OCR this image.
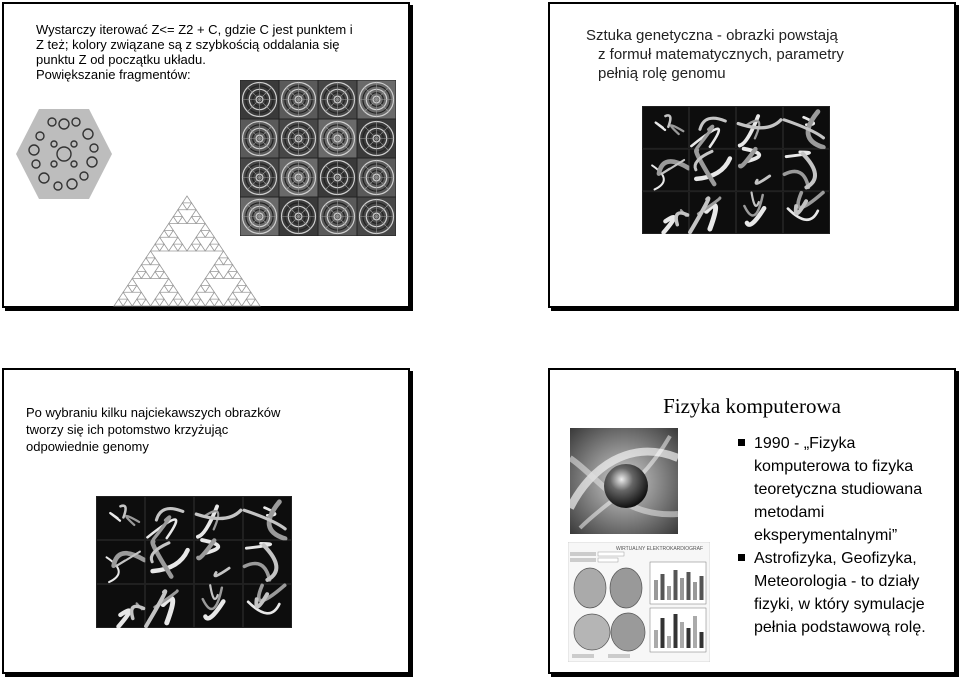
Wystarczy iterować Z<= Z2 + C, gdzie C jest punktem i
Z też; kolory związane są z szybkością oddalania się
punktu Z od początku układu.
Powiększanie fragmentów:
Sztuka genetyczna - obrazki powstają
z formuł matematycznych, parametry
pełnią rolę genomu
Po wybraniu kilku najciekawszych obrazków
tworzy się ich potomstwo krzyżując
odpowiednie genomy
Fizyka komputerowa
WIRTUALNY ELEKTROKARDIOGRAF
1990 - „Fizyka komputerowa to fizyka teoretyczna studiowana metodami eksperymentalnymi”
Astrofizyka, Geofizyka, Meteorologia - to działy fizyki, w który symulacje pełnia podstawową rolę.
